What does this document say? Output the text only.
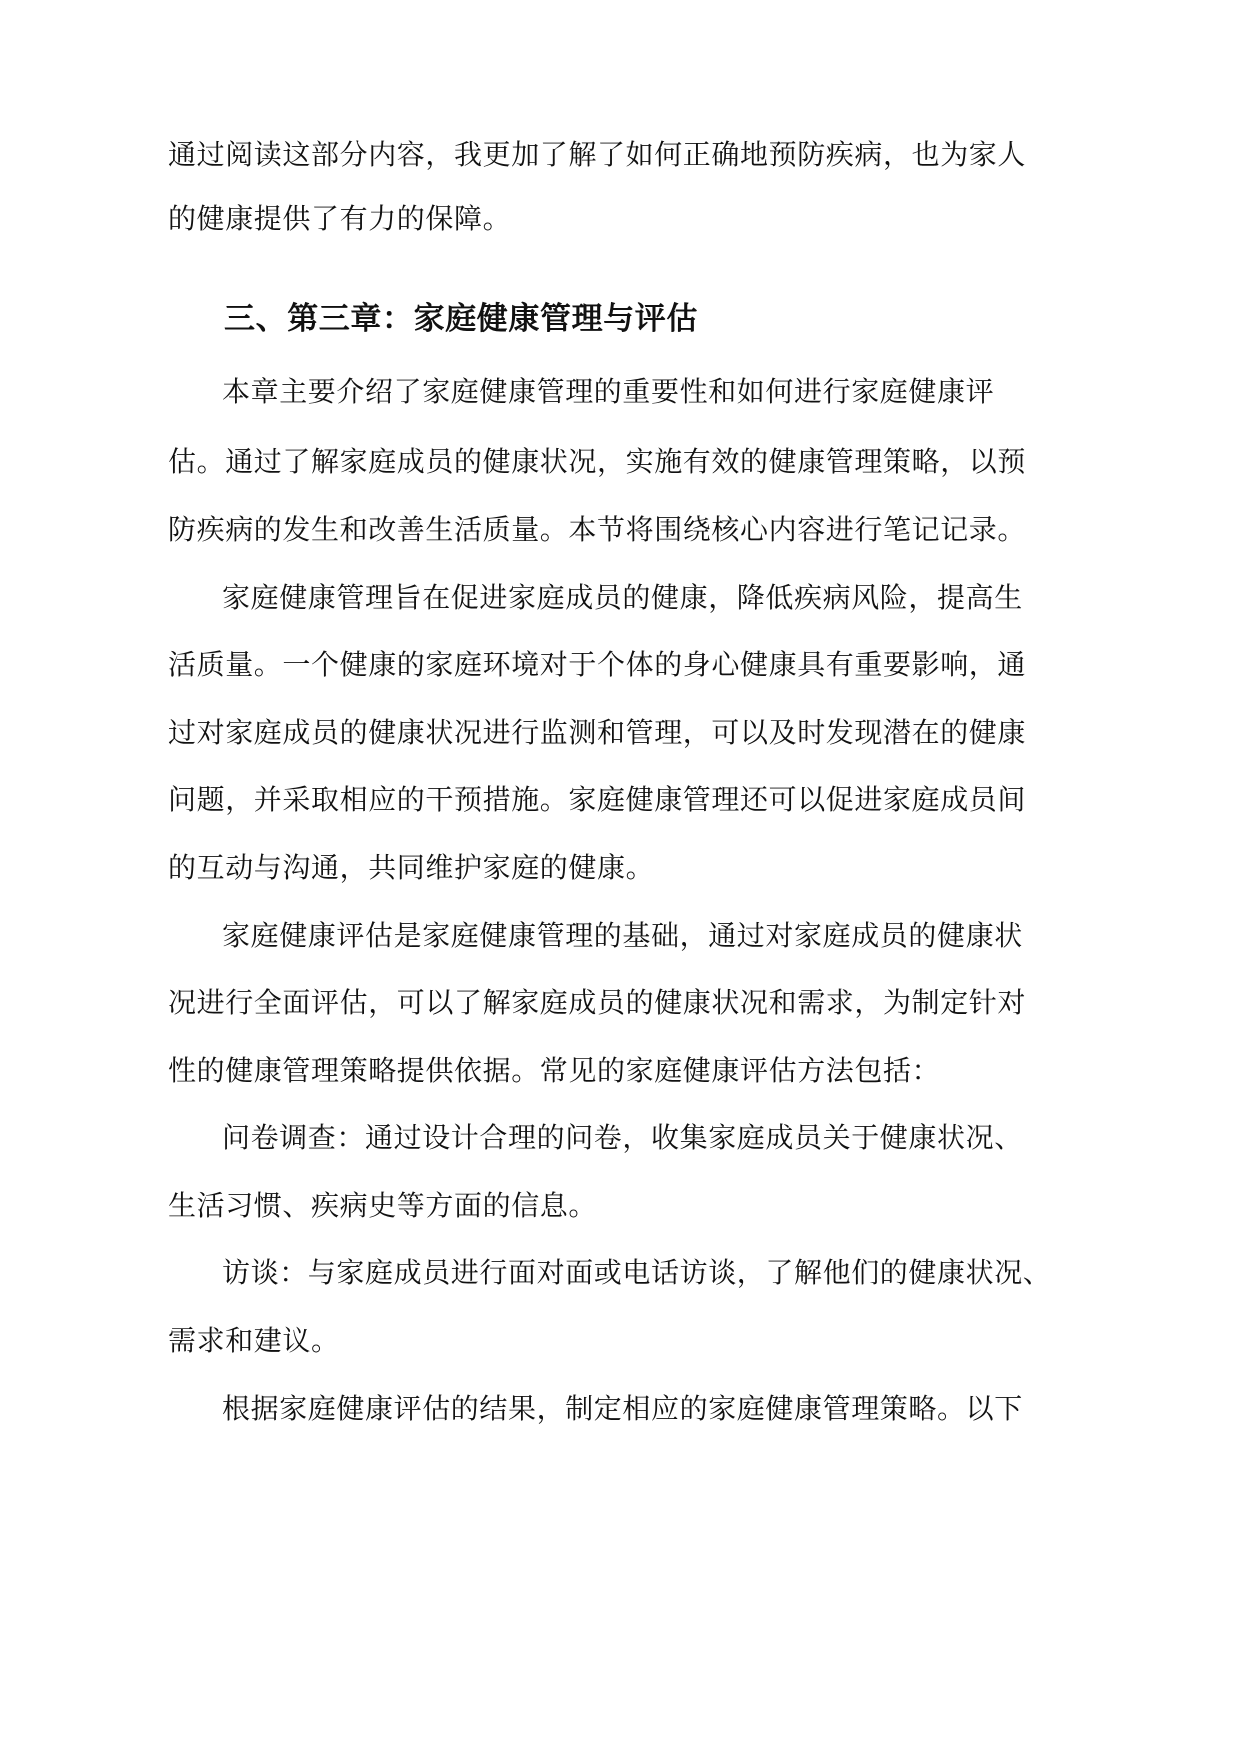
通过阅读这部分内容，我更加了解了如何正确地预防疾病，也为家人

的健康提供了有力的保障。

三、第三章：家庭健康管理与评估

本章主要介绍了家庭健康管理的重要性和如何进行家庭健康评

估。通过了解家庭成员的健康状况，实施有效的健康管理策略，以预

防疾病的发生和改善生活质量。本节将围绕核心内容进行笔记记录。

家庭健康管理旨在促进家庭成员的健康，降低疾病风险，提高生

活质量。一个健康的家庭环境对于个体的身心健康具有重要影响，通

过对家庭成员的健康状况进行监测和管理，可以及时发现潜在的健康

问题，并采取相应的干预措施。家庭健康管理还可以促进家庭成员间

的互动与沟通，共同维护家庭的健康。

家庭健康评估是家庭健康管理的基础，通过对家庭成员的健康状

况进行全面评估，可以了解家庭成员的健康状况和需求，为制定针对

性的健康管理策略提供依据。常见的家庭健康评估方法包括：

问卷调查：通过设计合理的问卷，收集家庭成员关于健康状况、

生活习惯、疾病史等方面的信息。

访谈：与家庭成员进行面对面或电话访谈，了解他们的健康状况、

需求和建议。

根据家庭健康评估的结果，制定相应的家庭健康管理策略。以下
